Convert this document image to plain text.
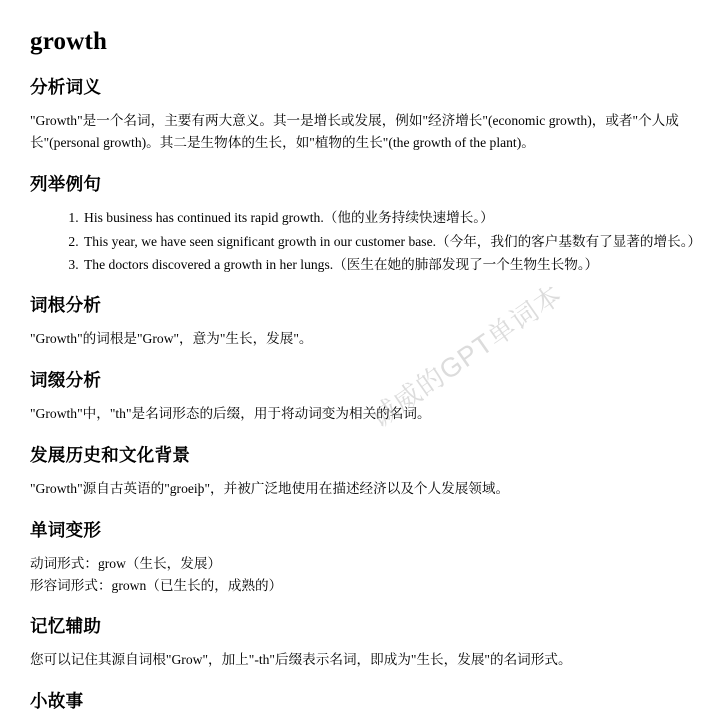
诚威的GPT单词本
growth
分析词义

"Growth"是一个名词，主要有两大意义。其一是增长或发展，例如"经济增长"(economic growth)，或者"个人成长"(personal growth)。其二是生物体的生长，如"植物的生长"(the growth of the plant)。

列举例句
1. His business has continued its rapid growth.（他的业务持续快速增长。）
2. This year, we have seen significant growth in our customer base.（今年，我们的客户基数有了显著的增长。）
3. The doctors discovered a growth in her lungs.（医生在她的肺部发现了一个生物生长物。）
词根分析

"Growth"的词根是"Grow"，意为"生长，发展"。

词缀分析

"Growth"中，"th"是名词形态的后缀，用于将动词变为相关的名词。

发展历史和文化背景

"Growth"源自古英语的"groeiþ"，并被广泛地使用在描述经济以及个人发展领域。

单词变形

动词形式：grow（生长，发展）

形容词形式：grown（已生长的，成熟的）

记忆辅助

您可以记住其源自词根"Grow"，加上"-th"后缀表示名词，即成为"生长，发展"的名词形式。

小故事
